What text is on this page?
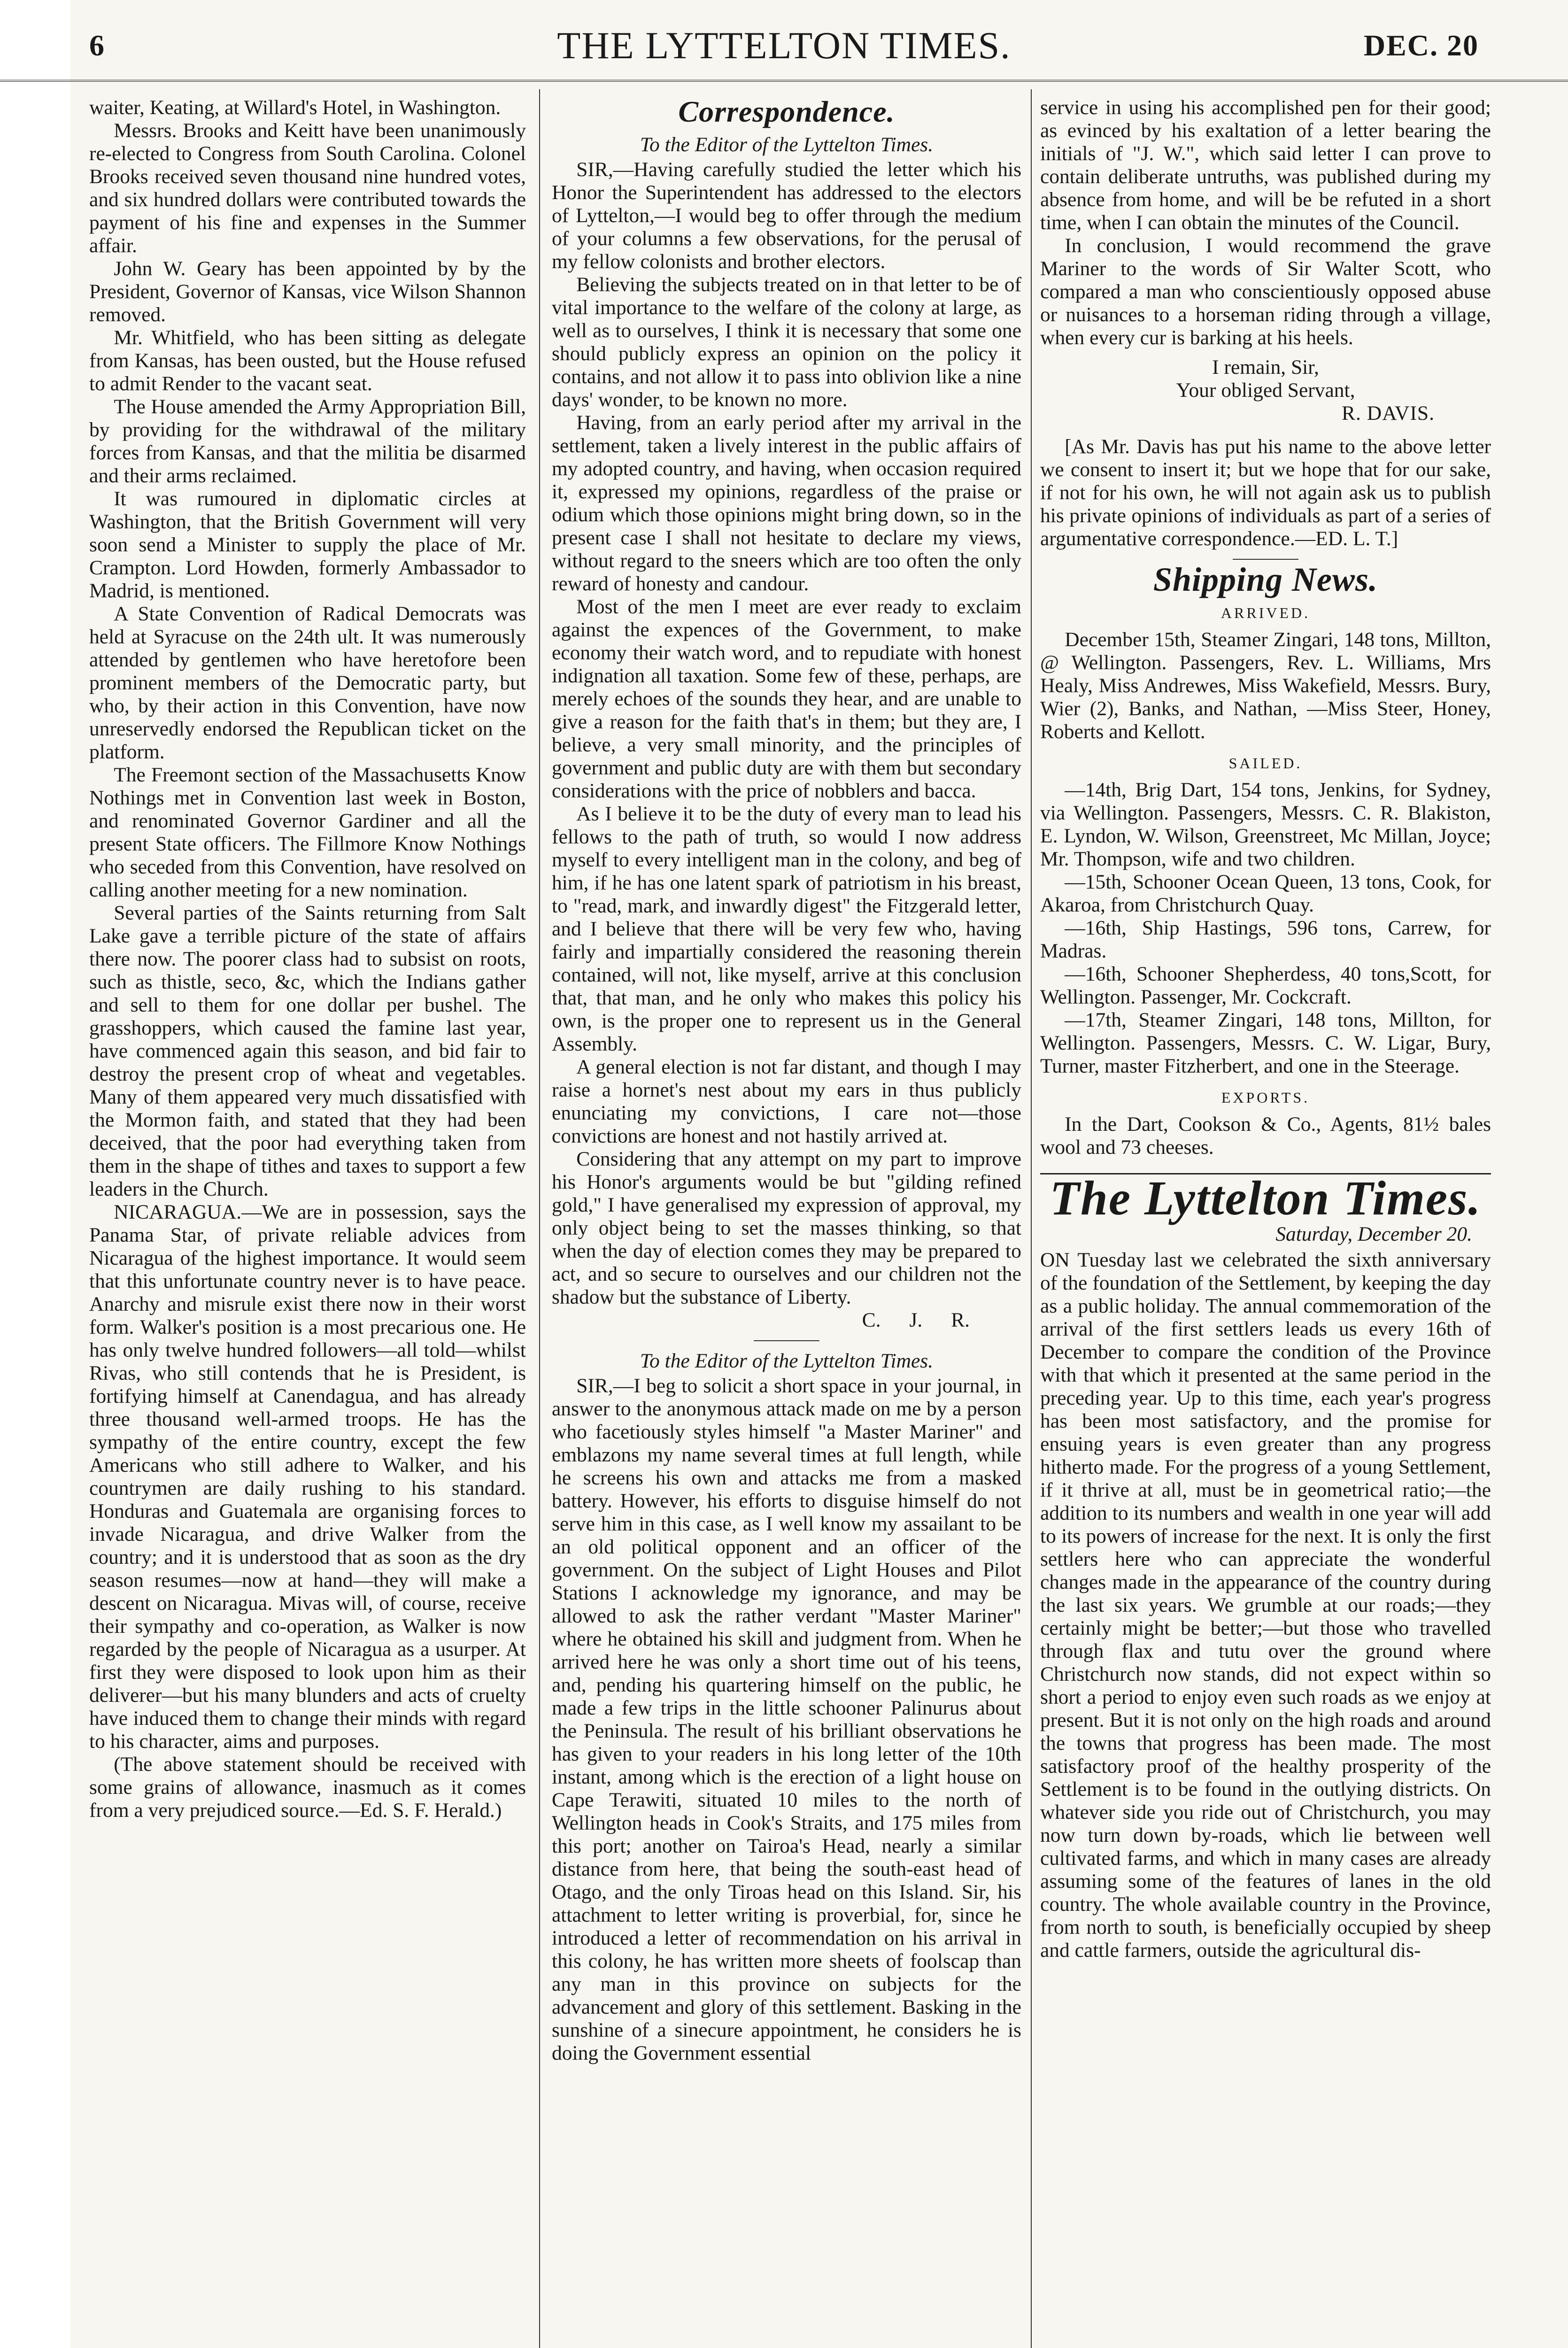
6	THE LYTTELTON TIMES.	DEC. 20

waiter, Keating, at Willard's Hotel, in Washington.

Messrs. Brooks and Keitt have been unanimously re-elected to Congress from South Carolina. Colonel Brooks received seven thousand nine hundred votes, and six hundred dollars were contributed towards the payment of his fine and expenses in the Summer affair.

John W. Geary has been appointed by by the President, Governor of Kansas, vice Wilson Shannon removed.

Mr. Whitfield, who has been sitting as delegate from Kansas, has been ousted, but the House refused to admit Render to the vacant seat.

The House amended the Army Appropriation Bill, by providing for the withdrawal of the military forces from Kansas, and that the militia be disarmed and their arms reclaimed.

It was rumoured in diplomatic circles at Washington, that the British Government will very soon send a Minister to supply the place of Mr. Crampton. Lord Howden, formerly Ambassador to Madrid, is mentioned.

A State Convention of Radical Democrats was held at Syracuse on the 24th ult. It was numerously attended by gentlemen who have heretofore been prominent members of the Democratic party, but who, by their action in this Convention, have now unreservedly endorsed the Republican ticket on the platform.

The Freemont section of the Massachusetts Know Nothings met in Convention last week in Boston, and renominated Governor Gardiner and all the present State officers. The Fillmore Know Nothings who seceded from this Convention, have resolved on calling another meeting for a new nomination.

Several parties of the Saints returning from Salt Lake gave a terrible picture of the state of affairs there now. The poorer class had to subsist on roots, such as thistle, seco, &c, which the Indians gather and sell to them for one dollar per bushel. The grasshoppers, which caused the famine last year, have commenced again this season, and bid fair to destroy the present crop of wheat and vegetables. Many of them appeared very much dissatisfied with the Mormon faith, and stated that they had been deceived, that the poor had everything taken from them in the shape of tithes and taxes to support a few leaders in the Church.

NICARAGUA.—We are in possession, says the Panama Star, of private reliable advices from Nicaragua of the highest importance. It would seem that this unfortunate country never is to have peace. Anarchy and misrule exist there now in their worst form. Walker's position is a most precarious one. He has only twelve hundred followers—all told—whilst Rivas, who still contends that he is President, is fortifying himself at Canendagua, and has already three thousand well-armed troops. He has the sympathy of the entire country, except the few Americans who still adhere to Walker, and his countrymen are daily rushing to his standard. Honduras and Guatemala are organising forces to invade Nicaragua, and drive Walker from the country; and it is understood that as soon as the dry season resumes—now at hand—they will make a descent on Nicaragua. Mivas will, of course, receive their sympathy and co-operation, as Walker is now regarded by the people of Nicaragua as a usurper. At first they were disposed to look upon him as their deliverer—but his many blunders and acts of cruelty have induced them to change their minds with regard to his character, aims and purposes.

(The above statement should be received with some grains of allowance, inasmuch as it comes from a very prejudiced source.—Ed. S. F. Herald.)

Correspondence.
To the Editor of the Lyttelton Times.

SIR,—Having carefully studied the letter which his Honor the Superintendent has addressed to the electors of Lyttelton,—I would beg to offer through the medium of your columns a few observations, for the perusal of my fellow colonists and brother electors.

Believing the subjects treated on in that letter to be of vital importance to the welfare of the colony at large, as well as to ourselves, I think it is necessary that some one should publicly express an opinion on the policy it contains, and not allow it to pass into oblivion like a nine days' wonder, to be known no more.

Having, from an early period after my arrival in the settlement, taken a lively interest in the public affairs of my adopted country, and having, when occasion required it, expressed my opinions, regardless of the praise or odium which those opinions might bring down, so in the present case I shall not hesitate to declare my views, without regard to the sneers which are too often the only reward of honesty and candour.

Most of the men I meet are ever ready to exclaim against the expences of the Government, to make economy their watch word, and to repudiate with honest indignation all taxation. Some few of these, perhaps, are merely echoes of the sounds they hear, and are unable to give a reason for the faith that's in them; but they are, I believe, a very small minority, and the principles of government and public duty are with them but secondary considerations with the price of nobblers and bacca.

As I believe it to be the duty of every man to lead his fellows to the path of truth, so would I now address myself to every intelligent man in the colony, and beg of him, if he has one latent spark of patriotism in his breast, to "read, mark, and inwardly digest" the Fitzgerald letter, and I believe that there will be very few who, having fairly and impartially considered the reasoning therein contained, will not, like myself, arrive at this conclusion that, that man, and he only who makes this policy his own, is the proper one to represent us in the General Assembly.

A general election is not far distant, and though I may raise a hornet's nest about my ears in thus publicly enunciating my convictions, I care not—those convictions are honest and not hastily arrived at.

Considering that any attempt on my part to improve his Honor's arguments would be but "gilding refined gold," I have generalised my expression of approval, my only object being to set the masses thinking, so that when the day of election comes they may be prepared to act, and so secure to ourselves and our children not the shadow but the substance of Liberty.

C. J. R.

To the Editor of the Lyttelton Times.

SIR,—I beg to solicit a short space in your journal, in answer to the anonymous attack made on me by a person who facetiously styles himself "a Master Mariner" and emblazons my name several times at full length, while he screens his own and attacks me from a masked battery. However, his efforts to disguise himself do not serve him in this case, as I well know my assailant to be an old political opponent and an officer of the government. On the subject of Light Houses and Pilot Stations I acknowledge my ignorance, and may be allowed to ask the rather verdant "Master Mariner" where he obtained his skill and judgment from. When he arrived here he was only a short time out of his teens, and, pending his quartering himself on the public, he made a few trips in the little schooner Palinurus about the Peninsula. The result of his brilliant observations he has given to your readers in his long letter of the 10th instant, among which is the erection of a light house on Cape Terawiti, situated 10 miles to the north of Wellington heads in Cook's Straits, and 175 miles from this port; another on Tairoa's Head, nearly a similar distance from here, that being the south-east head of Otago, and the only Tiroas head on this Island. Sir, his attachment to letter writing is proverbial, for, since he introduced a letter of recommendation on his arrival in this colony, he has written more sheets of foolscap than any man in this province on subjects for the advancement and glory of this settlement. Basking in the sunshine of a sinecure appointment, he considers he is doing the Government essential

service in using his accomplished pen for their good; as evinced by his exaltation of a letter bearing the initials of "J. W.", which said letter I can prove to contain deliberate untruths, was published during my absence from home, and will be be refuted in a short time, when I can obtain the minutes of the Council.

In conclusion, I would recommend the grave Mariner to the words of Sir Walter Scott, who compared a man who conscientiously opposed abuse or nuisances to a horseman riding through a village, when every cur is barking at his heels.

I remain, Sir,

Your obliged Servant,

R. DAVIS.

[As Mr. Davis has put his name to the above letter we consent to insert it; but we hope that for our sake, if not for his own, he will not again ask us to publish his private opinions of individuals as part of a series of argumentative correspondence.—ED. L. T.]

Shipping News.
ARRIVED.

December 15th, Steamer Zingari, 148 tons, Millton, @ Wellington. Passengers, Rev. L. Williams, Mrs Healy, Miss Andrewes, Miss Wakefield, Messrs. Bury, Wier (2), Banks, and Nathan, —Miss Steer, Honey, Roberts and Kellott.

SAILED.

—14th, Brig Dart, 154 tons, Jenkins, for Sydney, via Wellington. Passengers, Messrs. C. R. Blakiston, E. Lyndon, W. Wilson, Greenstreet, Mc Millan, Joyce; Mr. Thompson, wife and two children.

—15th, Schooner Ocean Queen, 13 tons, Cook, for Akaroa, from Christchurch Quay.

—16th, Ship Hastings, 596 tons, Carrew, for Madras.

—16th, Schooner Shepherdess, 40 tons,Scott, for Wellington. Passenger, Mr. Cockcraft.

—17th, Steamer Zingari, 148 tons, Millton, for Wellington. Passengers, Messrs. C. W. Ligar, Bury, Turner, master Fitzherbert, and one in the Steerage.

EXPORTS.

In the Dart, Cookson & Co., Agents, 81½ bales wool and 73 cheeses.

The Lyttelton Times.
Saturday, December 20.

ON Tuesday last we celebrated the sixth anniversary of the foundation of the Settlement, by keeping the day as a public holiday. The annual commemoration of the arrival of the first settlers leads us every 16th of December to compare the condition of the Province with that which it presented at the same period in the preceding year. Up to this time, each year's progress has been most satisfactory, and the promise for ensuing years is even greater than any progress hitherto made. For the progress of a young Settlement, if it thrive at all, must be in geometrical ratio;—the addition to its numbers and wealth in one year will add to its powers of increase for the next. It is only the first settlers here who can appreciate the wonderful changes made in the appearance of the country during the last six years. We grumble at our roads;—they certainly might be better;—but those who travelled through flax and tutu over the ground where Christchurch now stands, did not expect within so short a period to enjoy even such roads as we enjoy at present. But it is not only on the high roads and around the towns that progress has been made. The most satisfactory proof of the healthy prosperity of the Settlement is to be found in the outlying districts. On whatever side you ride out of Christchurch, you may now turn down by-roads, which lie between well cultivated farms, and which in many cases are already assuming some of the features of lanes in the old country. The whole available country in the Province, from north to south, is beneficially occupied by sheep and cattle farmers, outside the agricultural dis-
